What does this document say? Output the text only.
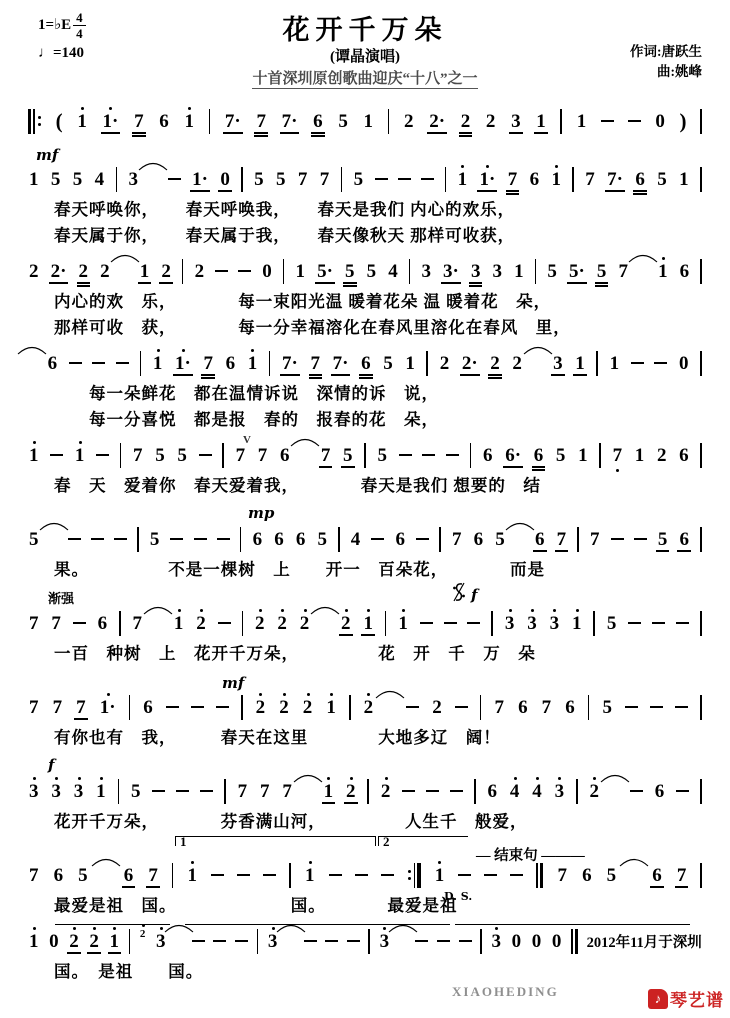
1= ♭E $\frac{4}{4}$
♩=140
花开千万朵
(谭晶演唱)
十首深圳原创歌曲迎庆“十八”之一
作词:唐跃生
曲:姚峰
( 1 1· 7 6 1 7· 7 7· 6 5 1 2 2· 2 2 3 1 1	0 )
mf
1 5 5 4 3	1· 0 5 5 7 7 5	1 1· 7 6 1 7 7· 6 5 1
春天呼唤你，　　春天呼唤我，　　春天是我们 内心的欢乐，
春天属于你，　　春天属于我，　　春天像秋天 那样可收获，
2 2· 2 2 1 2 2	0 1 5· 5 5 4 3 3· 3 3 1 5 5· 5 7 1 6
内心的欢　乐，　　　　每一束阳光温 暖着花朵 温 暖着花　朵，
那样可收　获，　　　　每一分幸福溶化在春风里溶化在春风　里，
V
6	1 1· 7 6 1 7· 7 7· 6 5 1 2 2· 2 2 3 1 1	0
　　每一朵鲜花　都在温情诉说　深情的诉　说，
　　每一分喜悦　都是报　春的　报春的花　朵，
1 1	7 5 5	7 7 6 7 5 5	6 6· 6 5 1 7 1 2 6
春　天　爱着你　春天爱着我，　　　　春天是我们 想要的　结
mp
5	5	6 6 6 5 4 6 7 6 5 6 7 7	5 6
果。　　　　　不是一棵树　上　　开一　百朵花，　　　　而是
渐强	f
7 7 6 7 1 2	2 2 2 2 1 1	3 3 3 1 5
一百　种树　上　花开千万朵，　　　　　花　开　千　万　朵
mf
7 7 7 1· 6	2 2 2 1 2	2	7 6 7 6 5
有你也有　我，　　　春天在这里　　　　大地多辽　阔！
f
3 3 3 1 5	7 7 7 1 2 2	6 4 4 3 2	6
花开千万朵，　　　　芬香满山河，　　　　　人生千　般爱，
1	2
— 结束句 ———
D. S.
7 6 5 6 7 1	1	1	7 6 5 6 7
最爱是祖　国。　　　　　　　国。　　　　最爱是祖
1 0 2 2 1 2 3	3	3	3 0 0 0 2012年11月于深圳
国。　是祖　　国。
XIAOHEDING	♪ 琴艺谱
